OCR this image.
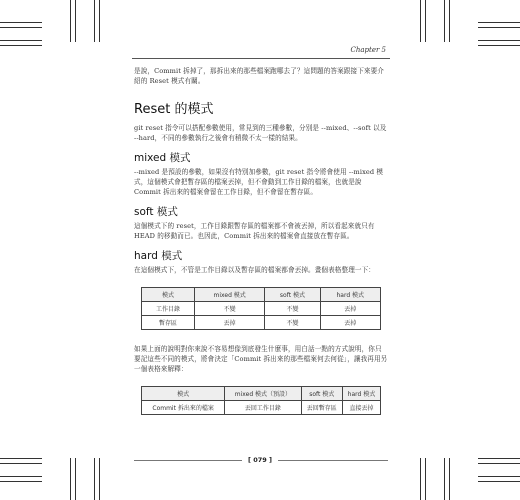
Chapter 5

是說，Commit 拆掉了，那拆出來的那些檔案跑哪去了？這問題的答案跟接下來要介紹的 Reset 模式有關。

Reset 的模式

git reset 指令可以搭配參數使用，常見到的三種參數，分別是 --mixed、--soft 以及 --hard，不同的參數執行之後會有稍微不太一樣的結果。

mixed 模式

--mixed 是預設的參數，如果沒有特別加參數，git reset 指令將會使用 --mixed 模式，這個模式會把暫存區的檔案丟掉，但不會動到工作目錄的檔案，也就是說 Commit 拆出來的檔案會留在工作目錄，但不會留在暫存區。

soft 模式

這個模式下的 reset，工作目錄跟暫存區的檔案都不會被丟掉，所以看起來就只有 HEAD 的移動而已。也因此，Commit 拆出來的檔案會直接放在暫存區。

hard 模式

在這個模式下，不管是工作目錄以及暫存區的檔案都會丟掉。畫個表格整理一下：

模式	mixed 模式	soft 模式	hard 模式
工作目錄	不變	不變	丟掉
暫存區	丟掉	不變	丟掉

如果上面的說明對你來說不容易想像到底發生什麼事，用白話一點的方式說明，你只要記這些不同的模式，將會決定「Commit 拆出來的那些檔案何去何從」，讓我再用另一個表格來解釋：

模式	mixed 模式（預設）	soft 模式	hard 模式
Commit 拆出來的檔案	丟回工作目錄	丟回暫存區	直接丟掉
[ 079 ]
